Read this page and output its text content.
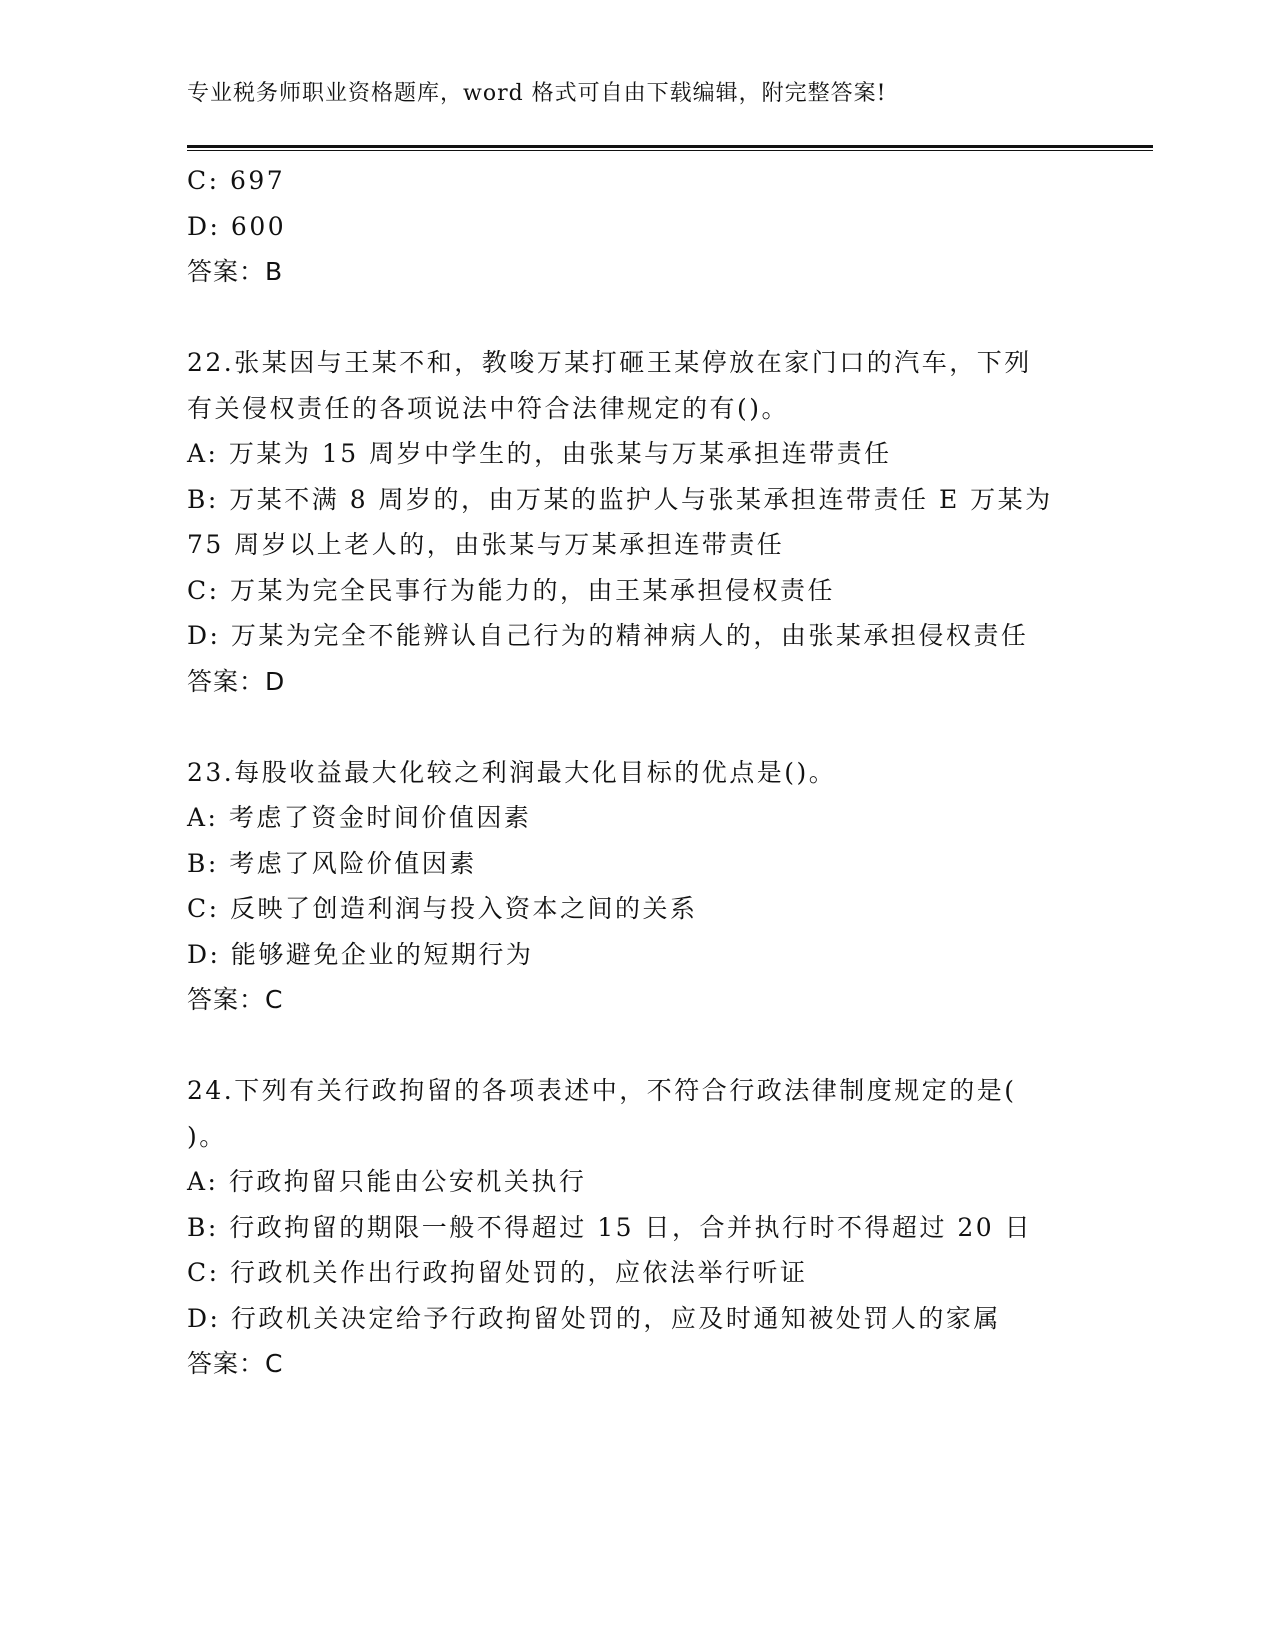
专业税务师职业资格题库，word 格式可自由下载编辑，附完整答案!
C: 697
D: 600
答案：B
22.张某因与王某不和，教唆万某打砸王某停放在家门口的汽车，下列
有关侵权责任的各项说法中符合法律规定的有()。
A: 万某为 15 周岁中学生的，由张某与万某承担连带责任
B: 万某不满 8 周岁的，由万某的监护人与张某承担连带责任 E 万某为
75 周岁以上老人的，由张某与万某承担连带责任
C: 万某为完全民事行为能力的，由王某承担侵权责任
D: 万某为完全不能辨认自己行为的精神病人的，由张某承担侵权责任
答案：D
23.每股收益最大化较之利润最大化目标的优点是()。
A: 考虑了资金时间价值因素
B: 考虑了风险价值因素
C: 反映了创造利润与投入资本之间的关系
D: 能够避免企业的短期行为
答案：C
24.下列有关行政拘留的各项表述中，不符合行政法律制度规定的是(
)。
A: 行政拘留只能由公安机关执行
B: 行政拘留的期限一般不得超过 15 日，合并执行时不得超过 20 日
C: 行政机关作出行政拘留处罚的，应依法举行听证
D: 行政机关决定给予行政拘留处罚的，应及时通知被处罚人的家属
答案：C
